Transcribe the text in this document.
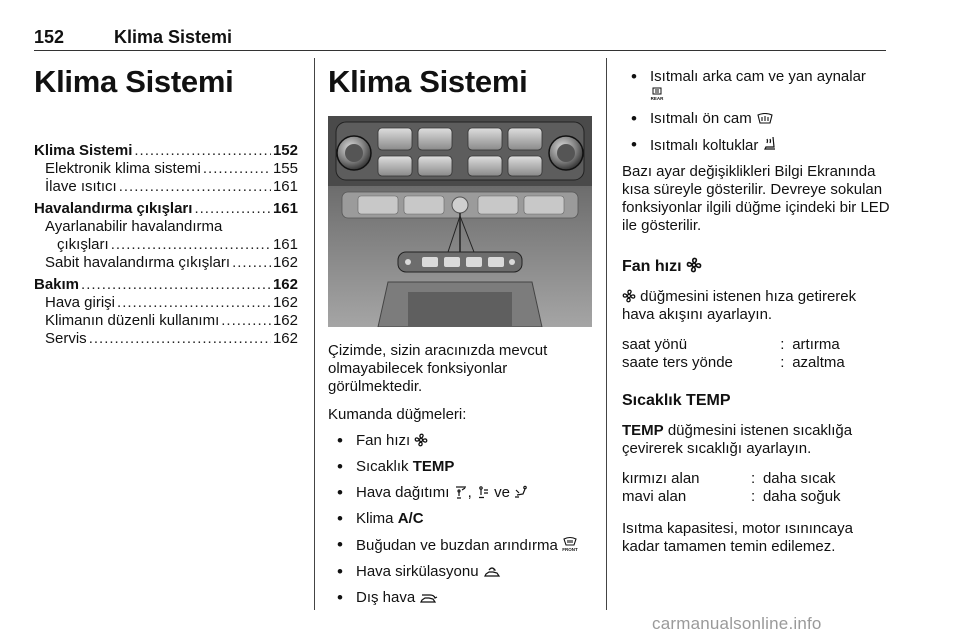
152	Klima Sistemi
Klima Sistemi
Klima Sistemi .....	152
Elektronik klima sistemi .....	155
İlave ısıtıcı .....	161
Havalandırma çıkışları .....	161
Ayarlanabilir havalandırma
çıkışları .....	161
Sabit havalandırma çıkışları .....	162
Bakım .....	162
Hava girişi .....	162
Klimanın düzenli kullanımı .....	162
Servis .....	162
Klima Sistemi

Çizimde, sizin aracınızda mevcut olmayabilecek fonksiyonlar görülmektedir.

Kumanda düğmeleri:

• Fan hızı
• Sıcaklık TEMP
• Hava dağıtımı , ve
• Klima A/C
• Buğudan ve buzdan arındırma FRONT
• Hava sirkülasyonu
• Dış hava
• Isıtmalı arka cam ve yan aynalar

REAR
• Isıtmalı ön cam
• Isıtmalı koltuklar

Bazı ayar değişiklikleri Bilgi Ekranında kısa süreyle gösterilir. Devreye sokulan fonksiyonlar ilgili düğme içindeki bir LED ile gösterilir.

Fan hızı

düğmesini istenen hıza getirerek hava akışını ayarlayın.

saat yönü	: artırma
saate ters yönde	: azaltma
Sıcaklık TEMP

TEMP düğmesini istenen sıcaklığa çevirerek sıcaklığı ayarlayın.

kırmızı alan	: daha sıcak
mavi alan	: daha soğuk

Isıtma kapasitesi, motor ısınıncaya kadar tamamen temin edilemez.

carmanualsonline.info
